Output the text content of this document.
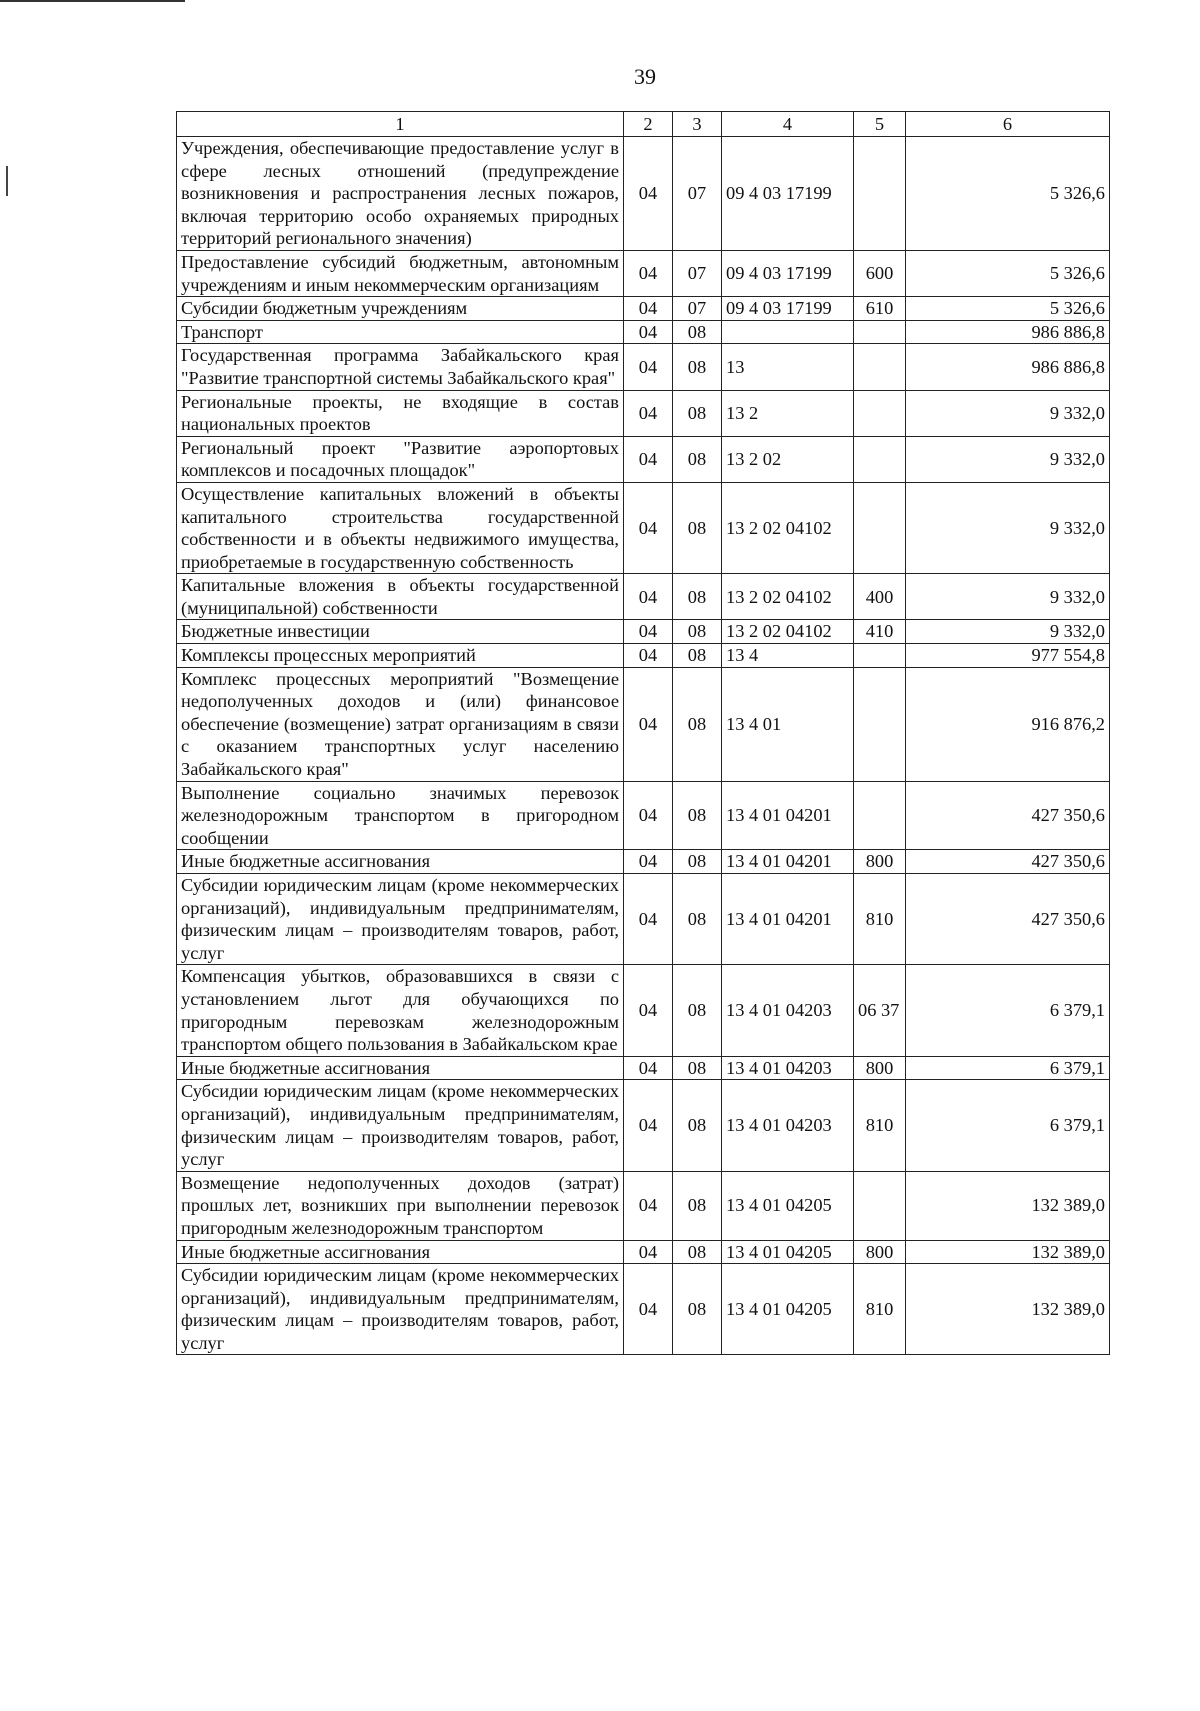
39
1	2	3	4	5	6
Учреждения, обеспечивающие предоставление услуг в сфере лесных отношений (предупреждение возникновения и распространения лесных пожаров, включая территорию особо охраняемых природных территорий регионального значения)	04	07	09 4 03 17199		5 326,6
Предоставление субсидий бюджетным, автономным учреждениям и иным некоммерческим организациям	04	07	09 4 03 17199	600	5 326,6
Субсидии бюджетным учреждениям	04	07	09 4 03 17199	610	5 326,6
Транспорт	04	08			986 886,8
Государственная программа Забайкальского края "Развитие транспортной системы Забайкальского края"	04	08	13		986 886,8
Региональные проекты, не входящие в состав национальных проектов	04	08	13 2		9 332,0
Региональный проект "Развитие аэропортовых комплексов и посадочных площадок"	04	08	13 2 02		9 332,0
Осуществление капитальных вложений в объекты капитального строительства государственной собственности и в объекты недвижимого имущества, приобретаемые в государственную собственность	04	08	13 2 02 04102		9 332,0
Капитальные вложения в объекты государственной (муниципальной) собственности	04	08	13 2 02 04102	400	9 332,0
Бюджетные инвестиции	04	08	13 2 02 04102	410	9 332,0
Комплексы процессных мероприятий	04	08	13 4		977 554,8
Комплекс процессных мероприятий "Возмещение недополученных доходов и (или) финансовое обеспечение (возмещение) затрат организациям в связи с оказанием транспортных услуг населению Забайкальского края"	04	08	13 4 01		916 876,2
Выполнение социально значимых перевозок железнодорожным транспортом в пригородном сообщении	04	08	13 4 01 04201		427 350,6
Иные бюджетные ассигнования	04	08	13 4 01 04201	800	427 350,6
Субсидии юридическим лицам (кроме некоммерческих организаций), индивидуальным предпринимателям, физическим лицам – производителям товаров, работ, услуг	04	08	13 4 01 04201	810	427 350,6
Компенсация убытков, образовавшихся в связи с установлением льгот для обучающихся по пригородным перевозкам железнодорожным транспортом общего пользования в Забайкальском крае	04	08	13 4 01 04203	06 37	6 379,1
Иные бюджетные ассигнования	04	08	13 4 01 04203	800	6 379,1
Субсидии юридическим лицам (кроме некоммерческих организаций), индивидуальным предпринимателям, физическим лицам – производителям товаров, работ, услуг	04	08	13 4 01 04203	810	6 379,1
Возмещение недополученных доходов (затрат) прошлых лет, возникших при выполнении перевозок пригородным железнодорожным транспортом	04	08	13 4 01 04205		132 389,0
Иные бюджетные ассигнования	04	08	13 4 01 04205	800	132 389,0
Субсидии юридическим лицам (кроме некоммерческих организаций), индивидуальным предпринимателям, физическим лицам – производителям товаров, работ, услуг	04	08	13 4 01 04205	810	132 389,0
